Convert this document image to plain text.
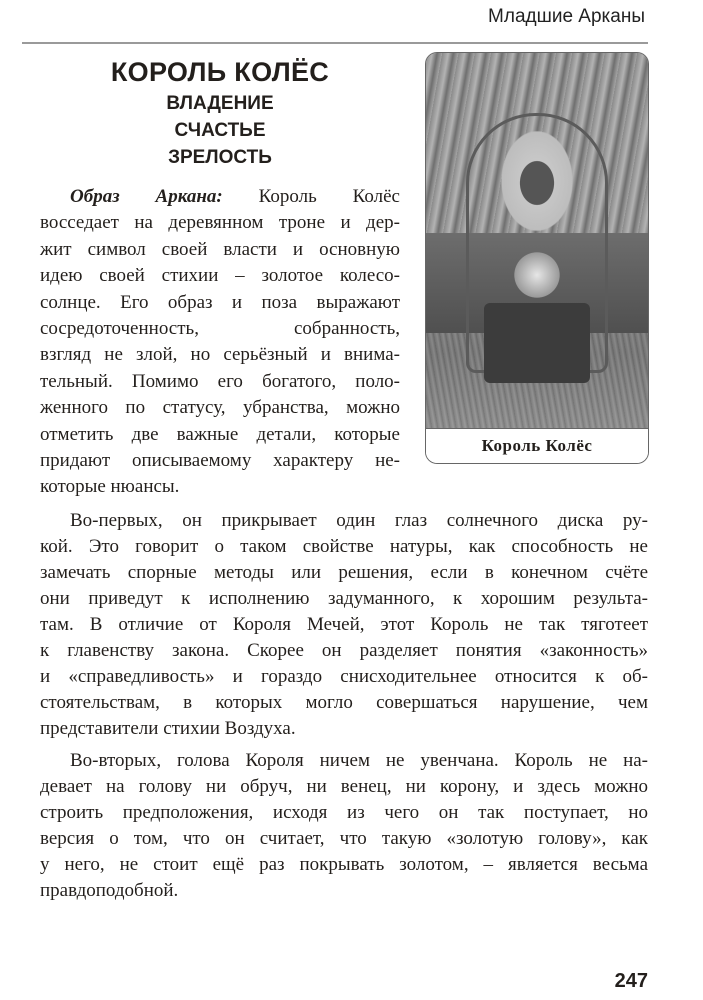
Младшие Арканы
КОРОЛЬ КОЛЁС
ВЛАДЕНИЕ
СЧАСТЬЕ
ЗРЕЛОСТЬ
Король Колёс
Образ Аркана: Король Колёс
восседает на деревянном троне и дер-
жит символ своей власти и основную
идею своей стихии – золотое колесо-
солнце. Его образ и поза выражают
сосредоточенность, собранность,
взгляд не злой, но серьёзный и внима-
тельный. Помимо его богатого, поло-
женного по статусу, убранства, можно
отметить две важные детали, которые
придают описываемому характеру не-
которые нюансы.
Во-первых, он прикрывает один глаз солнечного диска ру-
кой. Это говорит о таком свойстве натуры, как способность не
замечать спорные методы или решения, если в конечном счёте
они приведут к исполнению задуманного, к хорошим результа-
там. В отличие от Короля Мечей, этот Король не так тяготеет
к главенству закона. Скорее он разделяет понятия «законность»
и «справедливость» и гораздо снисходительнее относится к об-
стоятельствам, в которых могло совершаться нарушение, чем
представители стихии Воздуха.
Во-вторых, голова Короля ничем не увенчана. Король не на-
девает на голову ни обруч, ни венец, ни корону, и здесь можно
строить предположения, исходя из чего он так поступает, но
версия о том, что он считает, что такую «золотую голову», как
у него, не стоит ещё раз покрывать золотом, – является весьма
правдоподобной.
247
